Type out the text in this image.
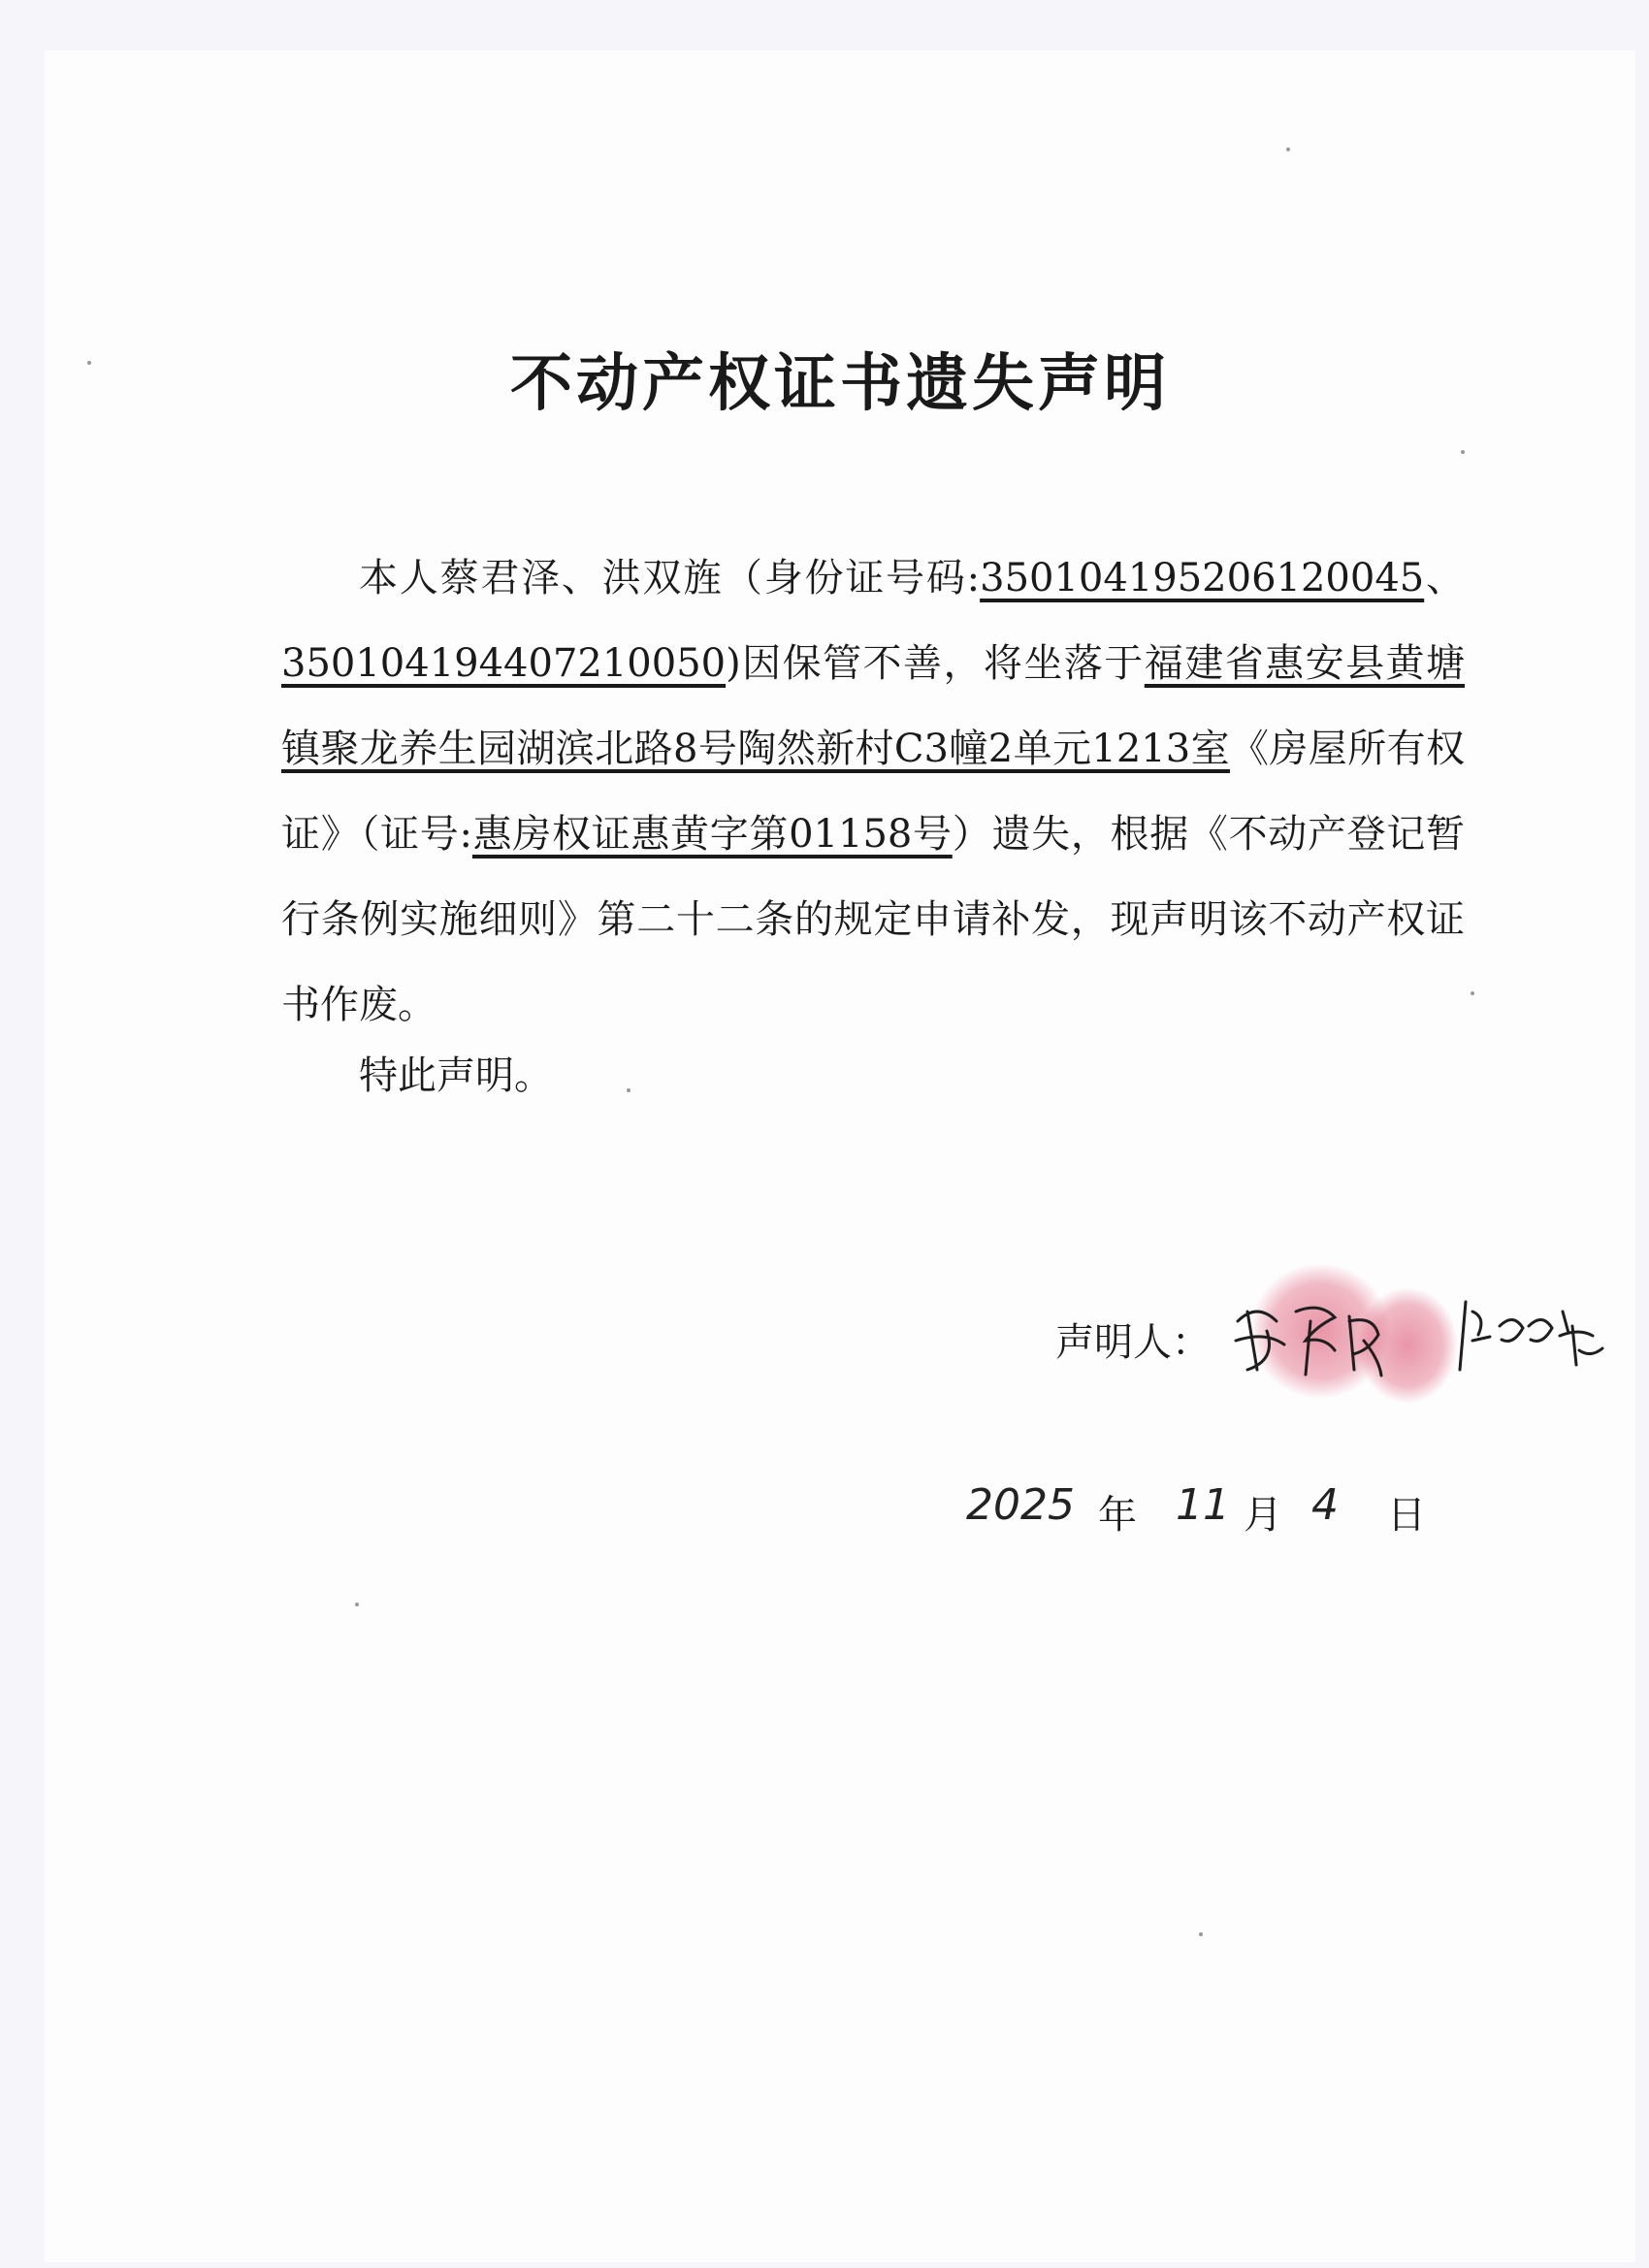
不动产权证书遗失声明

本人蔡君泽、洪双旌（身份证号码:350104195206120045、350104194407210050)因保管不善，将坐落于福建省惠安县黄塘镇聚龙养生园湖滨北路8号陶然新村C3幢2单元1213室《房屋所有权证》（证号:惠房权证惠黄字第01158号）遗失，根据《不动产登记暂行条例实施细则》第二十二条的规定申请补发，现声明该不动产权证书作废。

特此声明。
声明人：
2025 年 11 月 4 日
